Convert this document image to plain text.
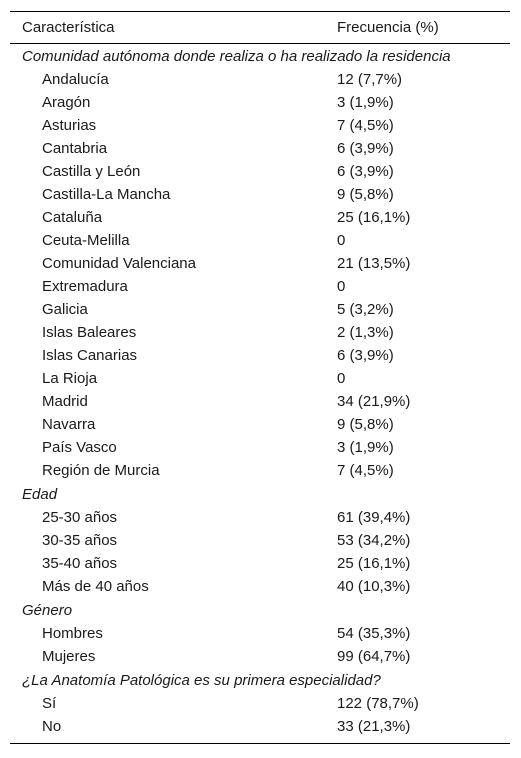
Característica	Frecuencia (%)
Comunidad autónoma donde realiza o ha realizado la residencia	
Andalucía	12 (7,7%)
Aragón	3 (1,9%)
Asturias	7 (4,5%)
Cantabria	6 (3,9%)
Castilla y León	6 (3,9%)
Castilla-La Mancha	9 (5,8%)
Cataluña	25 (16,1%)
Ceuta-Melilla	0
Comunidad Valenciana	21 (13,5%)
Extremadura	0
Galicia	5 (3,2%)
Islas Baleares	2 (1,3%)
Islas Canarias	6 (3,9%)
La Rioja	0
Madrid	34 (21,9%)
Navarra	9 (5,8%)
País Vasco	3 (1,9%)
Región de Murcia	7 (4,5%)
Edad	
25-30 años	61 (39,4%)
30-35 años	53 (34,2%)
35-40 años	25 (16,1%)
Más de 40 años	40 (10,3%)
Género	
Hombres	54 (35,3%)
Mujeres	99 (64,7%)
¿La Anatomía Patológica es su primera especialidad?	
Sí	122 (78,7%)
No	33 (21,3%)
